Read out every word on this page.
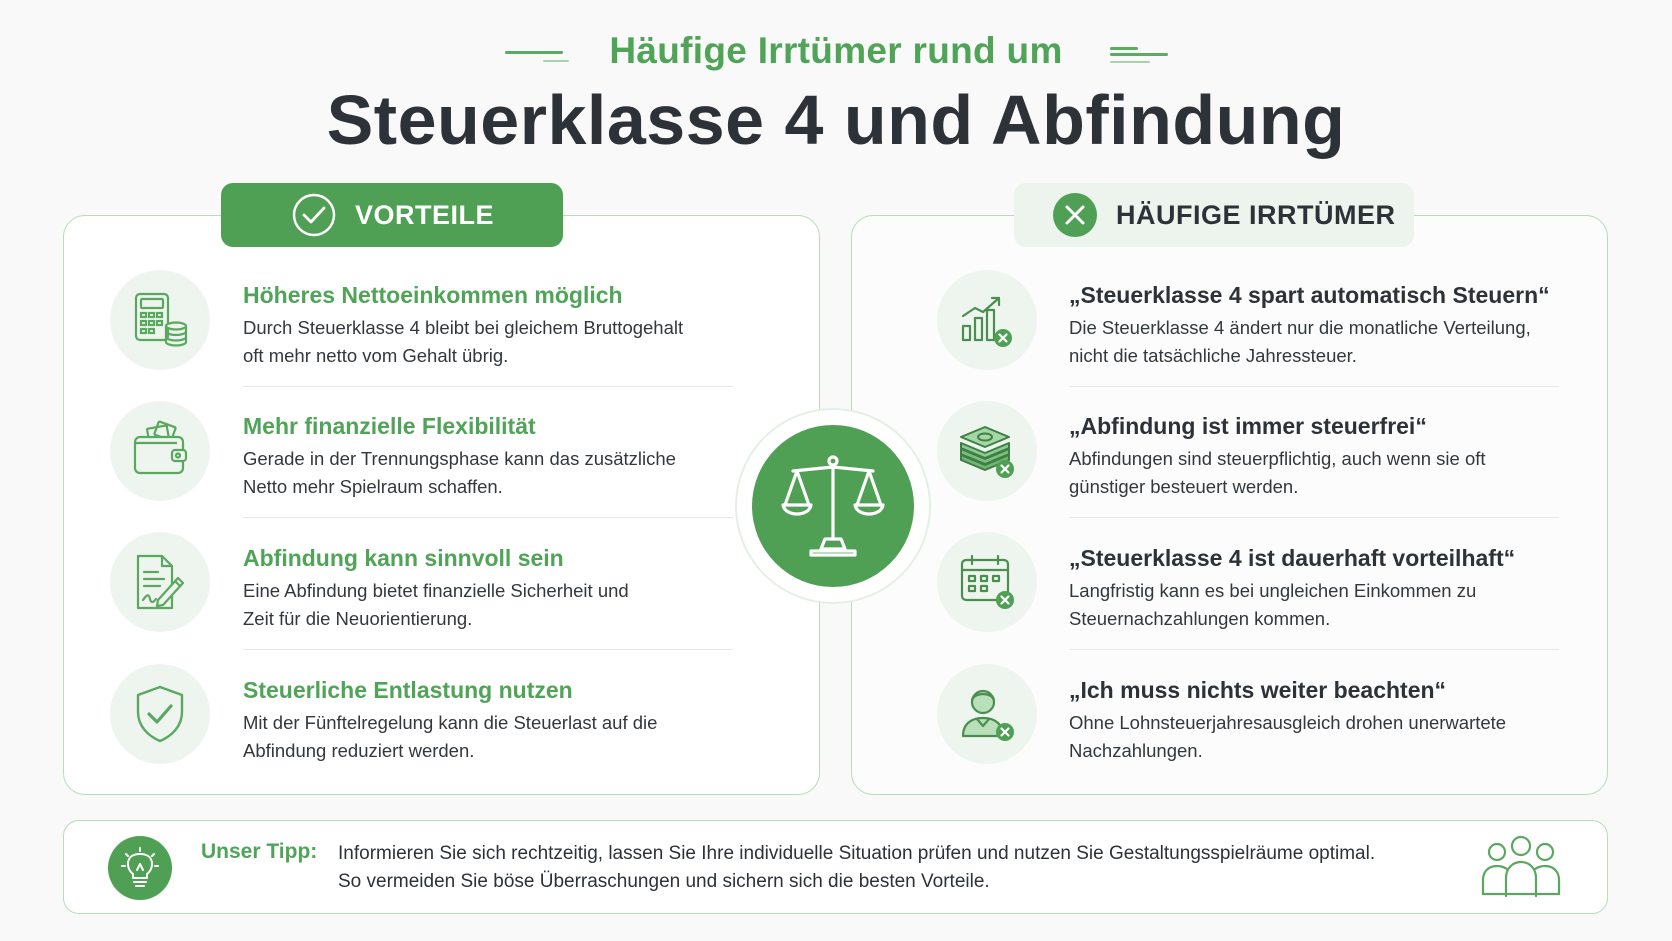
Häufige Irrtümer rund um
Steuerklasse 4 und Abfindung
VORTEILE	HÄUFIGE IRRTÜMER
Höheres Nettoeinkommen möglich
Durch Steuerklasse 4 bleibt bei gleichem Bruttogehalt
oft mehr netto vom Gehalt übrig.
Mehr finanzielle Flexibilität
Gerade in der Trennungsphase kann das zusätzliche
Netto mehr Spielraum schaffen.
Abfindung kann sinnvoll sein
Eine Abfindung bietet finanzielle Sicherheit und
Zeit für die Neuorientierung.
Steuerliche Entlastung nutzen
Mit der Fünftelregelung kann die Steuerlast auf die
Abfindung reduziert werden.
„Steuerklasse 4 spart automatisch Steuern“
Die Steuerklasse 4 ändert nur die monatliche Verteilung,
nicht die tatsächliche Jahressteuer.
„Abfindung ist immer steuerfrei“
Abfindungen sind steuerpflichtig, auch wenn sie oft
günstiger besteuert werden.
„Steuerklasse 4 ist dauerhaft vorteilhaft“
Langfristig kann es bei ungleichen Einkommen zu
Steuernachzahlungen kommen.
„Ich muss nichts weiter beachten“
Ohne Lohnsteuerjahresausgleich drohen unerwartete
Nachzahlungen.
Unser Tipp: Informieren Sie sich rechtzeitig, lassen Sie Ihre individuelle Situation prüfen und nutzen Sie Gestaltungsspielräume optimal.
So vermeiden Sie böse Überraschungen und sichern sich die besten Vorteile.
